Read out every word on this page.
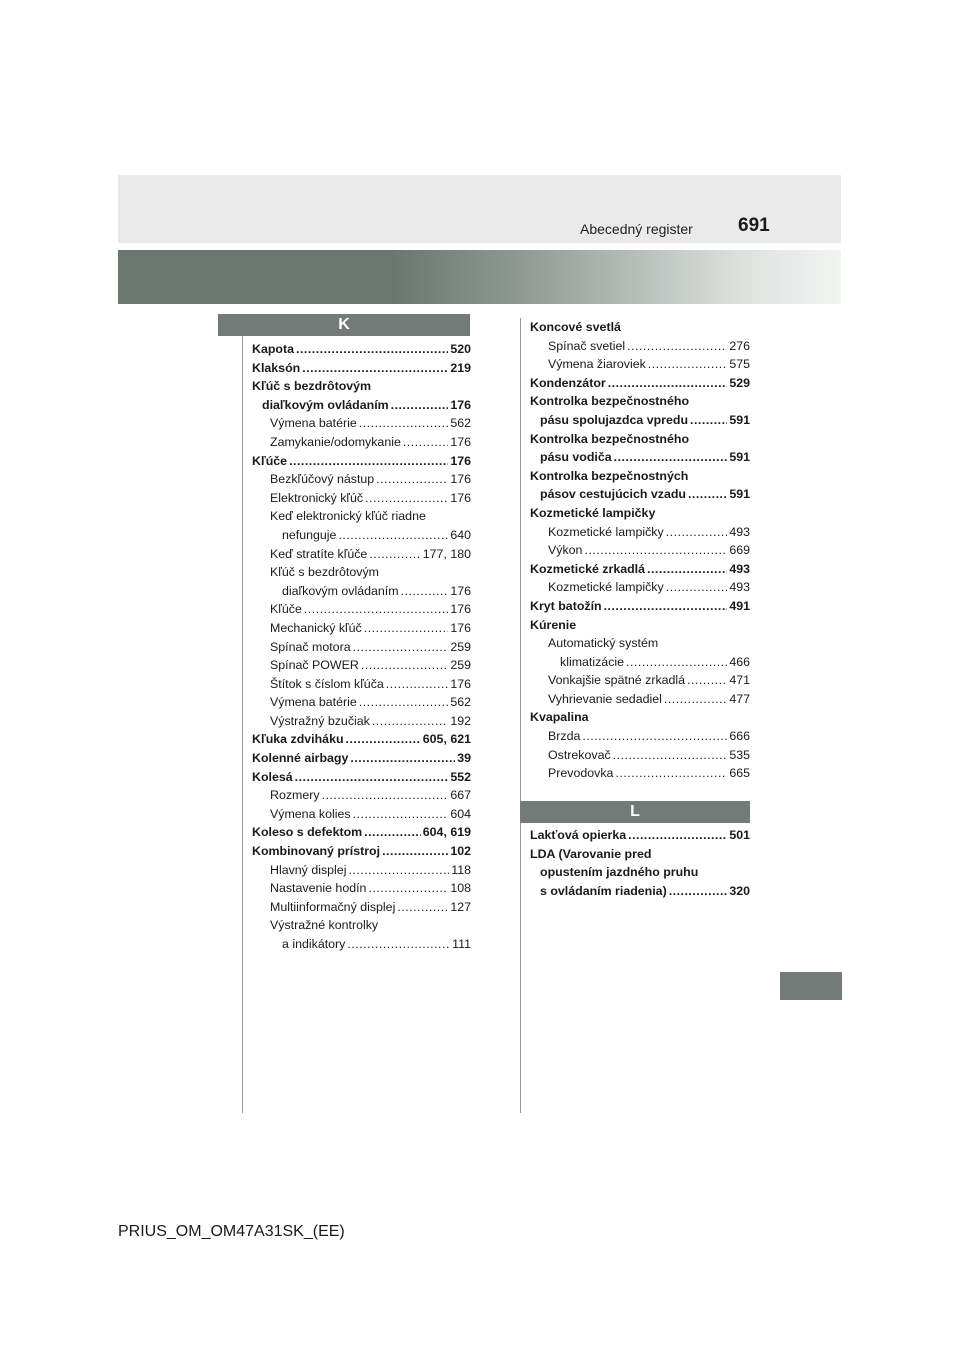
Abecedný register 691
K
L
Kapota .....	520
Klaksón .....	219
Kľúč s bezdrôtovým
diaľkovým ovládaním .....	176
Výmena batérie .....	562
Zamykanie/odomykanie .....	176
Kľúče .....	176
Bezkľúčový nástup .....	176
Elektronický kľúč .....	176
Keď elektronický kľúč riadne
nefunguje .....	640
Keď stratíte kľúče .....	177, 180
Kľúč s bezdrôtovým
diaľkovým ovládaním .....	176
Kľúče .....	176
Mechanický kľúč .....	176
Spínač motora .....	259
Spínač POWER .....	259
Štítok s číslom kľúča .....	176
Výmena batérie .....	562
Výstražný bzučiak .....	192
Kľuka zdviháku .....	605, 621
Kolenné airbagy .....	39
Kolesá .....	552
Rozmery .....	667
Výmena kolies .....	604
Koleso s defektom .....	604, 619
Kombinovaný prístroj .....	102
Hlavný displej .....	118
Nastavenie hodín .....	108
Multiinformačný displej .....	127
Výstražné kontrolky
a indikátory .....	111
Koncové svetlá
Spínač svetiel .....	276
Výmena žiaroviek .....	575
Kondenzátor .....	529
Kontrolka bezpečnostného
pásu spolujazdca vpredu .....	591
Kontrolka bezpečnostného
pásu vodiča .....	591
Kontrolka bezpečnostných
pásov cestujúcich vzadu .....	591
Kozmetické lampičky
Kozmetické lampičky .....	493
Výkon .....	669
Kozmetické zrkadlá .....	493
Kozmetické lampičky .....	493
Kryt batožín .....	491
Kúrenie
Automatický systém
klimatizácie .....	466
Vonkajšie spätné zrkadlá .....	471
Vyhrievanie sedadiel .....	477
Kvapalina
Brzda .....	666
Ostrekovač .....	535
Prevodovka .....	665
Lakťová opierka .....	501
LDA (Varovanie pred
opustením jazdného pruhu
s ovládaním riadenia) .....	320
PRIUS_OM_OM47A31SK_(EE)
